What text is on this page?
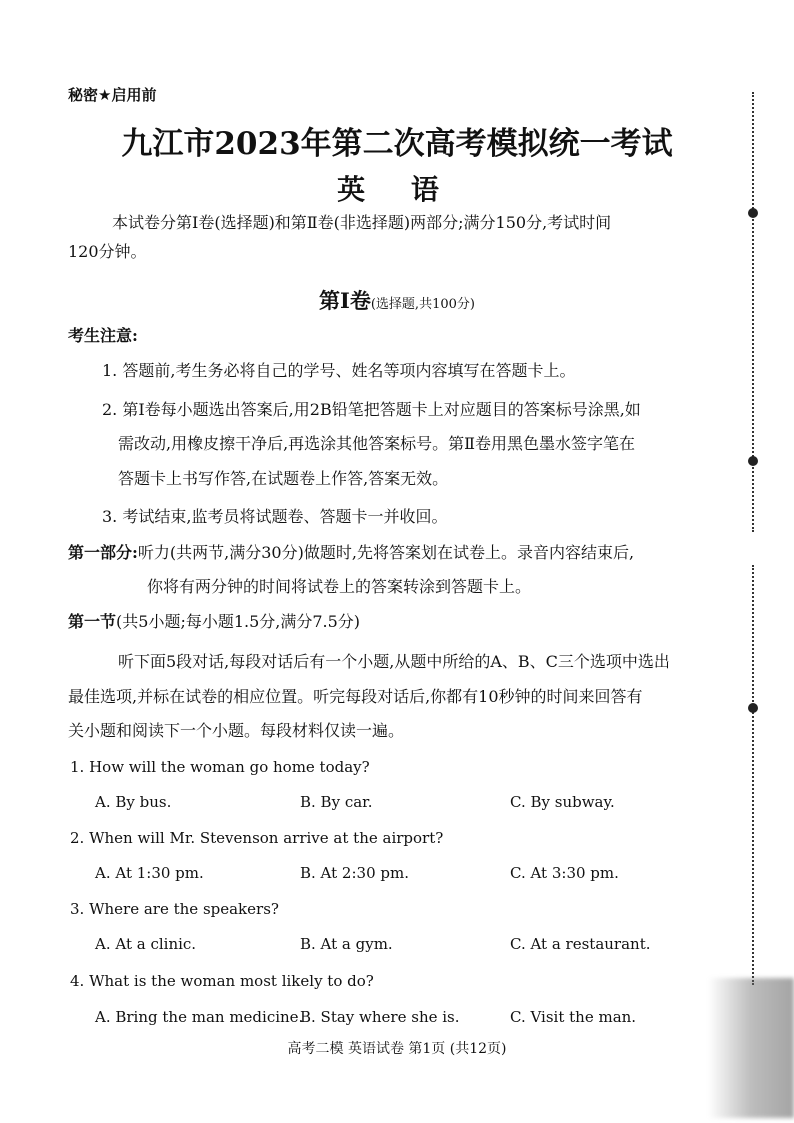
秘密★启用前
九江市2023年第二次高考模拟统一考试
英 语
本试卷分第Ⅰ卷(选择题)和第Ⅱ卷(非选择题)两部分;满分150分,考试时间
120分钟。
第Ⅰ卷(选择题,共100分)
考生注意:
1. 答题前,考生务必将自己的学号、姓名等项内容填写在答题卡上。
2. 第Ⅰ卷每小题选出答案后,用2B铅笔把答题卡上对应题目的答案标号涂黑,如
需改动,用橡皮擦干净后,再选涂其他答案标号。第Ⅱ卷用黑色墨水签字笔在
答题卡上书写作答,在试题卷上作答,答案无效。
3. 考试结束,监考员将试题卷、答题卡一并收回。
第一部分:听力(共两节,满分30分)做题时,先将答案划在试卷上。录音内容结束后,
你将有两分钟的时间将试卷上的答案转涂到答题卡上。
第一节(共5小题;每小题1.5分,满分7.5分)
听下面5段对话,每段对话后有一个小题,从题中所给的A、B、C三个选项中选出
最佳选项,并标在试卷的相应位置。听完每段对话后,你都有10秒钟的时间来回答有
关小题和阅读下一个小题。每段材料仅读一遍。
1. How will the woman go home today?
A. By bus.	B. By car.	C. By subway.
2. When will Mr. Stevenson arrive at the airport?
A. At 1:30 pm.	B. At 2:30 pm.	C. At 3:30 pm.
3. Where are the speakers?
A. At a clinic.	B. At a gym.	C. At a restaurant.
4. What is the woman most likely to do?
A. Bring the man medicine.
B. Stay where she is.	C. Visit the man.
高考二模 英语试卷 第1页 (共12页)
